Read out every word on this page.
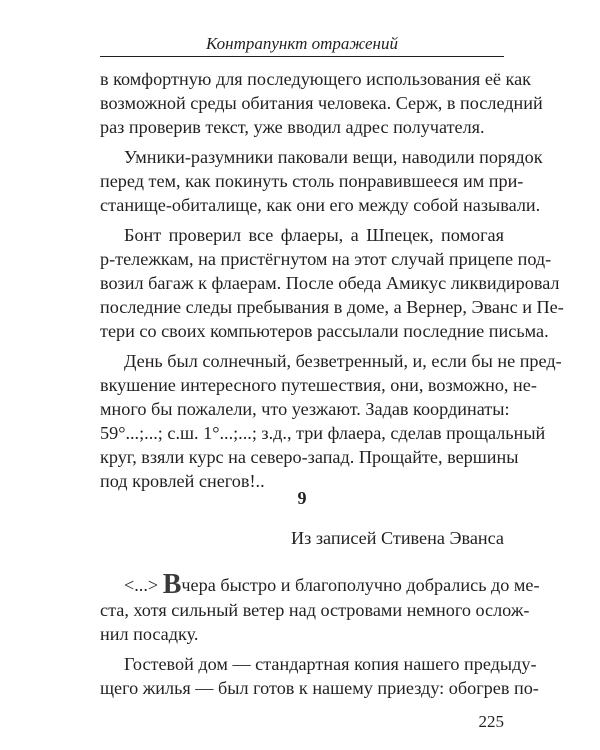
Контрапункт отражений
в комфортную для последующего использования её как
возможной среды обитания человека. Серж, в последний
раз проверив текст, уже вводил адрес получателя.
Умники-разумники паковали вещи, наводили порядок
перед тем, как покинуть столь понравившееся им при-
станище-обиталище, как они его между собой называли.
Бонт проверил все флаеры, а Шпецек, помогая
р-тележкам, на пристёгнутом на этот случай прицепе под-
возил багаж к флаерам. После обеда Амикус ликвидировал
последние следы пребывания в доме, а Вернер, Эванс и Пе-
тери со своих компьютеров рассылали последние письма.
День был солнечный, безветренный, и, если бы не пред-
вкушение интересного путешествия, они, возможно, не-
много бы пожалели, что уезжают. Задав координаты:
59°...;...; с.ш. 1°...;...; з.д., три флаера, сделав прощальный
круг, взяли курс на северо-запад. Прощайте, вершины
под кровлей снегов!..
9
Из записей Стивена Эванса
<...> Вчера быстро и благополучно добрались до ме-
ста, хотя сильный ветер над островами немного ослож-
нил посадку.
Гостевой дом — стандартная копия нашего предыду-
щего жилья — был готов к нашему приезду: обогрев по-
225
